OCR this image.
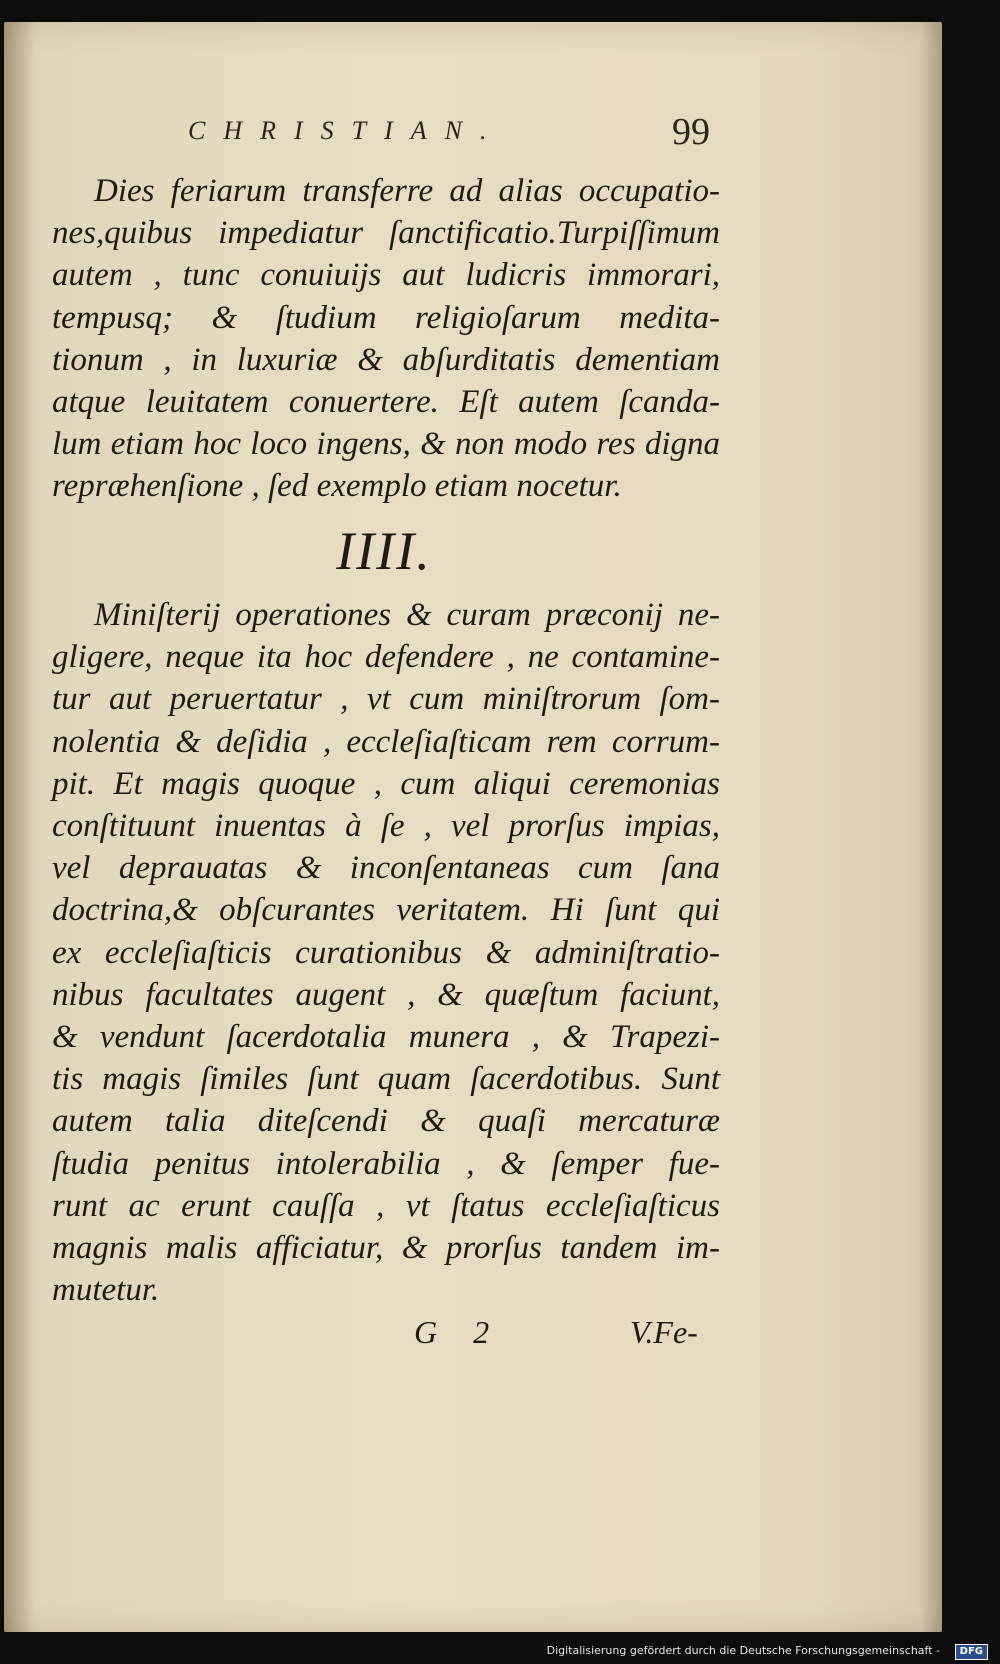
CHRISTIAN.	99
Dies feriarum transferre ad alias occupatio-
nes,quibus impediatur ſanctificatio.Turpiſſimum
autem , tunc conuiuijs aut ludicris immorari,
tempusq; & ſtudium religioſarum medita-
tionum , in luxuriæ & abſurditatis dementiam
atque leuitatem conuertere. Eſt autem ſcanda-
lum etiam hoc loco ingens, & non modo res digna
repræhenſione , ſed exemplo etiam nocetur.
IIII.
Miniſterij operationes & curam præconij ne-
gligere, neque ita hoc defendere , ne contamine-
tur aut peruertatur , vt cum miniſtrorum ſom-
nolentia & deſidia , eccleſiaſticam rem corrum-
pit. Et magis quoque , cum aliqui ceremonias
conſtituunt inuentas à ſe , vel prorſus impias,
vel deprauatas & inconſentaneas cum ſana
doctrina,& obſcurantes veritatem. Hi ſunt qui
ex eccleſiaſticis curationibus & adminiſtratio-
nibus facultates augent , & quæſtum faciunt,
& vendunt ſacerdotalia munera , & Trapezi-
tis magis ſimiles ſunt quam ſacerdotibus. Sunt
autem talia diteſcendi & quaſi mercaturæ
ſtudia penitus intolerabilia , & ſemper fue-
runt ac erunt cauſſa , vt ſtatus eccleſiaſticus
magnis malis afficiatur, & prorſus tandem im-
mutetur.
G 2	V.Fe-
Digitalisierung gefördert durch die Deutsche Forschungsgemeinschaft -	DFG
